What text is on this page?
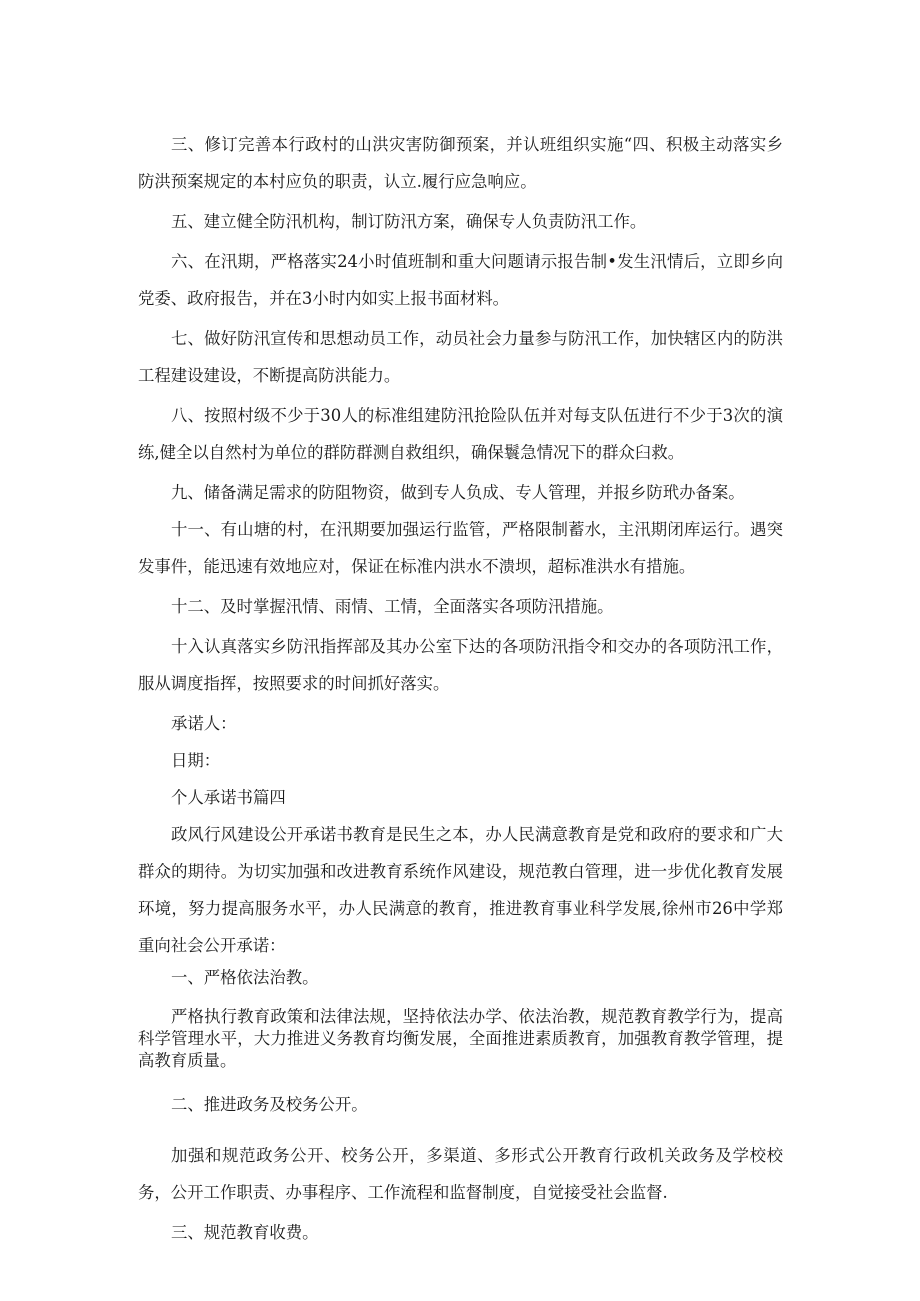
三、修订完善本行政村的山洪灾害防御预案，并认班组织实施“四、积极主动落实乡防洪预案规定的本村应负的职责，认立.履行应急响应。

五、建立健全防汛机构，制订防汛方案，确保专人负责防汛工作。

六、在汛期，严格落实24小时值班制和重大问题请示报告制•发生汛情后，立即乡向党委、政府报告，并在3小时内如实上报书面材料。

七、做好防汛宣传和思想动员工作，动员社会力量参与防汛工作，加快辖区内的防洪工程建设建设，不断提高防洪能力。

八、按照村级不少于30人的标准组建防汛抢险队伍并对每支队伍进行不少于3次的演练,健全以自然村为单位的群防群测自救组织，确保鬟急情况下的群众臼救。

九、储备满足需求的防阻物资，做到专人负成、专人管理，并报乡防玳办备案。

十一、有山塘的村，在汛期要加强运行监管，严格限制蓄水，主汛期闭库运行。遇突发事件，能迅速有效地应对，保证在标准内洪水不溃坝，超标准洪水有措施。

十二、及时掌握汛情、雨情、工情，全面落实各项防汛措施。

十入认真落实乡防汛指挥部及其办公室下达的各项防汛指令和交办的各项防汛工作，服从调度指挥，按照要求的时间抓好落实。

承诺人：

日期：

个人承诺书篇四

政风行风建设公开承诺书教育是民生之本，办人民满意教育是党和政府的要求和广大群众的期待。为切实加强和改进教育系统作风建设，规范教白管理，进一步优化教育发展环境，努力提高服务水平，办人民满意的教育，推进教育事业科学发展,徐州市26中学郑重向社会公开承诺：

一、严格依法治教。

严格执行教育政策和法律法规，坚持依法办学、依法治教，规范教育教学行为，提高科学管理水平，大力推进义务教育均衡发展，全面推进素质教育，加强教育教学管理，提高教育质量。

二、推进政务及校务公开。

加强和规范政务公开、校务公开，多渠道、多形式公开教育行政机关政务及学校校务，公开工作职责、办事程序、工作流程和监督制度，自觉接受社会监督.

三、规范教育收费。
